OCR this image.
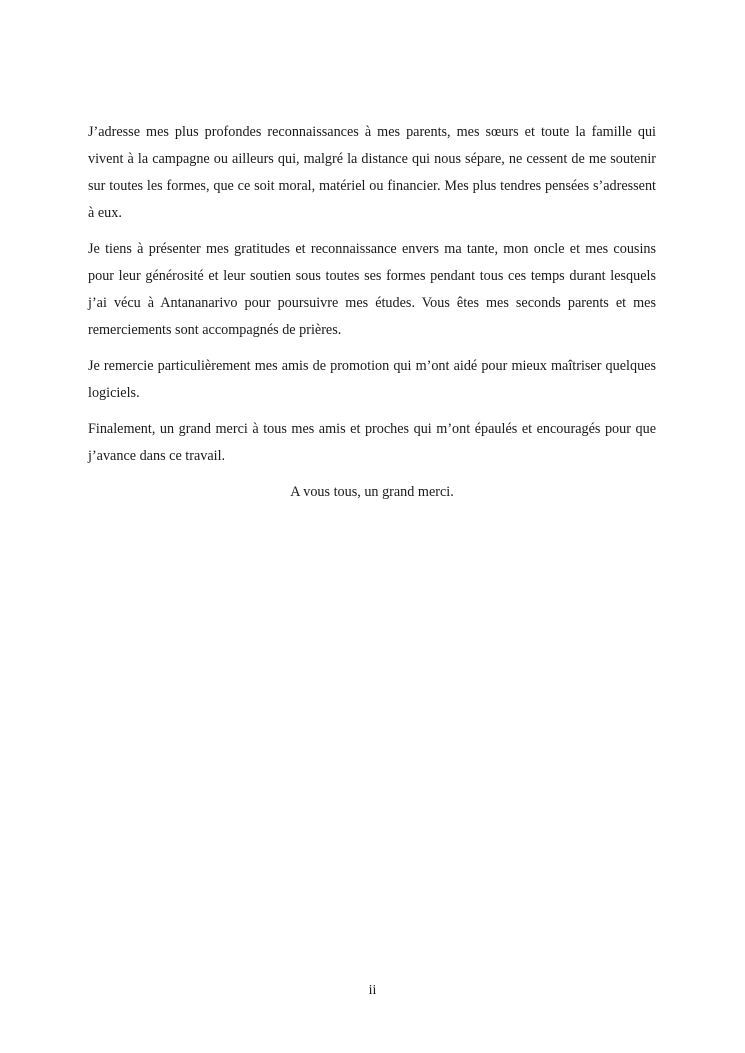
J’adresse mes plus profondes reconnaissances à mes parents, mes sœurs et toute la famille qui vivent à la campagne ou ailleurs qui, malgré la distance qui nous sépare, ne cessent de me soutenir sur toutes les formes, que ce soit moral, matériel ou financier. Mes plus tendres pensées s’adressent à eux.

Je tiens à présenter mes gratitudes et reconnaissance envers ma tante, mon oncle et mes cousins pour leur générosité et leur soutien sous toutes ses formes pendant tous ces temps durant lesquels j’ai vécu à Antananarivo pour poursuivre mes études. Vous êtes mes seconds parents et mes remerciements sont accompagnés de prières.

Je remercie particulièrement mes amis de promotion qui m’ont aidé pour mieux maîtriser quelques logiciels.

Finalement, un grand merci à tous mes amis et proches qui m’ont épaulés et encouragés pour que j’avance dans ce travail.

A vous tous, un grand merci.

ii
